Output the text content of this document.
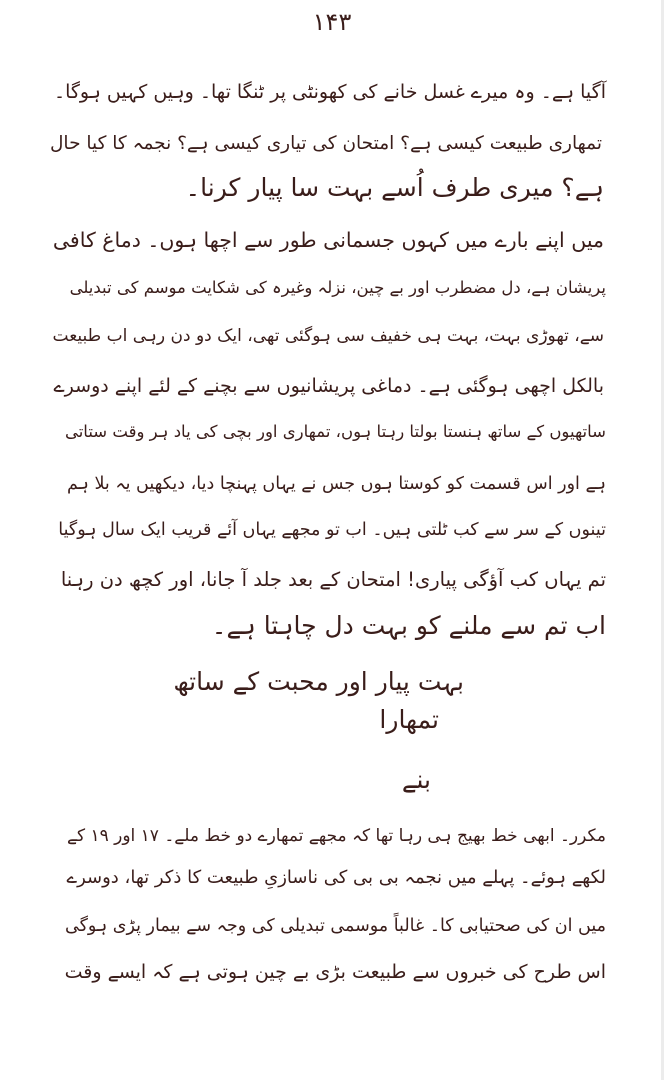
۱۴۳
آگیا ہے۔ وہ میرے غسل خانے کی کھونٹی پر ٹنگا تھا۔ وہیں کہیں ہوگا۔
تمھاری طبیعت کیسی ہے؟ امتحان کی تیاری کیسی ہے؟ نجمہ کا کیا حال
ہے؟ میری طرف اُسے بہت سا پیار کرنا۔
میں اپنے بارے میں کہوں جسمانی طور سے اچھا ہوں۔ دماغ کافی
پریشان ہے، دل مضطرب اور بے چین، نزلہ وغیرہ کی شکایت موسم کی تبدیلی
سے، تھوڑی بہت، بہت ہی خفیف سی ہوگئی تھی، ایک دو دن رہی اب طبیعت
بالکل اچھی ہوگئی ہے۔ دماغی پریشانیوں سے بچنے کے لئے اپنے دوسرے
ساتھیوں کے ساتھ ہنستا بولتا رہتا ہوں، تمھاری اور بچی کی یاد ہر وقت ستاتی
ہے اور اس قسمت کو کوستا ہوں جس نے یہاں پہنچا دیا، دیکھیں یہ بلا ہم
تینوں کے سر سے کب ٹلتی ہیں۔ اب تو مجھے یہاں آئے قریب ایک سال ہوگیا
تم یہاں کب آؤگی پیاری! امتحان کے بعد جلد آ جانا، اور کچھ دن رہنا
اب تم سے ملنے کو بہت دل چاہتا ہے۔
بہت پیار اور محبت کے ساتھ
تمھارا
بنے
مکرر۔ ابھی خط بھیج ہی رہا تھا کہ مجھے تمھارے دو خط ملے۔ ۱۷ اور ۱۹ کے
لکھے ہوئے۔ پہلے میں نجمہ بی بی کی ناسازیِ طبیعت کا ذکر تھا، دوسرے
میں ان کی صحتیابی کا۔ غالباً موسمی تبدیلی کی وجہ سے بیمار پڑی ہوگی
اس طرح کی خبروں سے طبیعت بڑی بے چین ہوتی ہے کہ ایسے وقت
